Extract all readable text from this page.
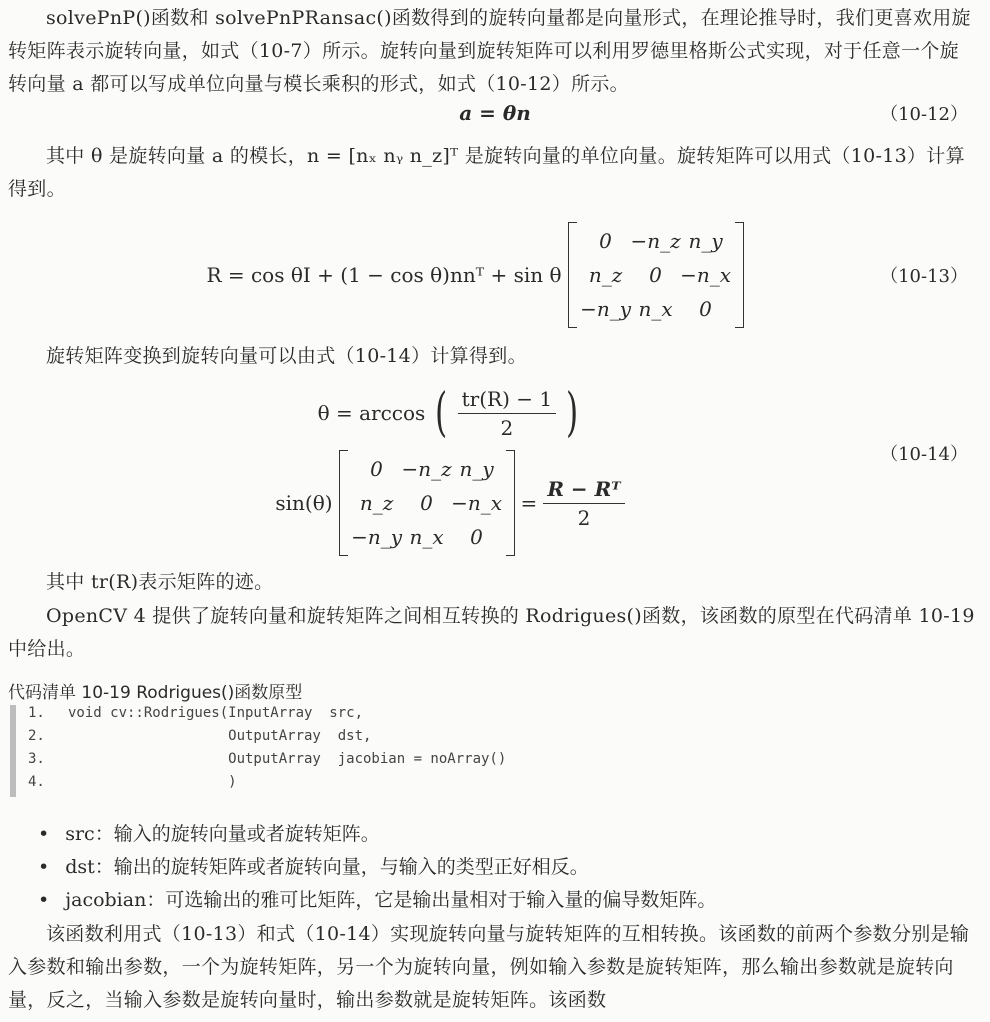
solvePnP()函数和 solvePnPRansac()函数得到的旋转向量都是向量形式，在理论推导时，我们更喜欢用旋转矩阵表示旋转向量，如式（10-7）所示。旋转向量到旋转矩阵可以利用罗德里格斯公式实现，对于任意一个旋转向量 a 都可以写成单位向量与模长乘积的形式，如式（10-12）所示。

a = θn	（10-12）

其中 θ 是旋转向量 a 的模长，n = [nₓ nᵧ n_z]ᵀ 是旋转向量的单位向量。旋转矩阵可以用式（10-13）计算得到。

R = cos θI + (1 − cos θ)nnᵀ + sin θ
0 −n_z n_y
n_z 0 −n_x
−n_y n_x 0
（10-13）

旋转矩阵变换到旋转向量可以由式（10-14）计算得到。

θ = arccos ( $\frac{tr(R) - 1}{2}$ )
sin(θ)
0 −n_z n_y
n_z 0 −n_x
−n_y n_x 0
= $\frac{\text{R − Rᵀ}}{2}$
（10-14）

其中 tr(R)表示矩阵的迹。

OpenCV 4 提供了旋转向量和旋转矩阵之间相互转换的 Rodrigues()函数，该函数的原型在代码清单 10-19 中给出。

代码清单 10-19 Rodrigues()函数原型
1.	void cv::Rodrigues(InputArray  src,
2.	OutputArray  dst,
3.	OutputArray  jacobian = noArray()
4.	)
• src：输入的旋转向量或者旋转矩阵。
• dst：输出的旋转矩阵或者旋转向量，与输入的类型正好相反。
• jacobian：可选输出的雅可比矩阵，它是输出量相对于输入量的偏导数矩阵。

该函数利用式（10-13）和式（10-14）实现旋转向量与旋转矩阵的互相转换。该函数的前两个参数分别是输入参数和输出参数，一个为旋转矩阵，另一个为旋转向量，例如输入参数是旋转矩阵，那么输出参数就是旋转向量，反之，当输入参数是旋转向量时，输出参数就是旋转矩阵。该函数
